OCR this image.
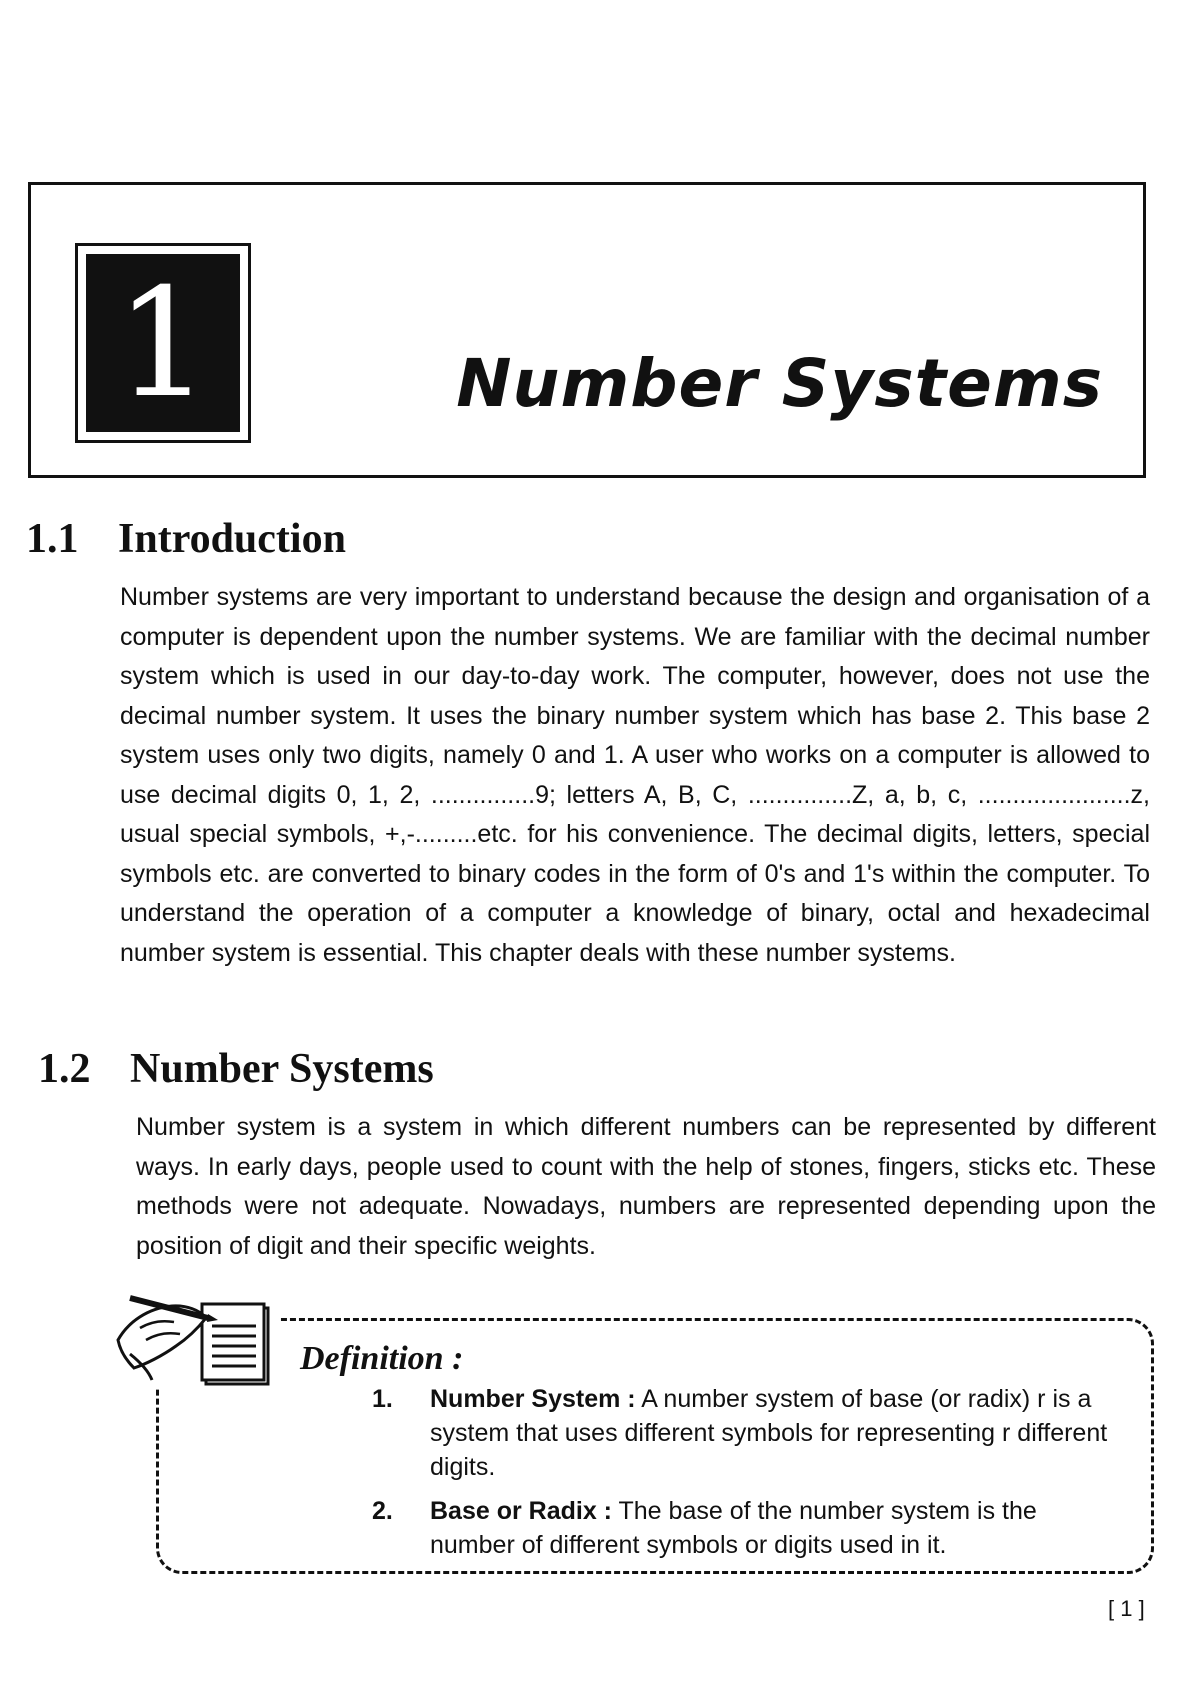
1	Number Systems
1.1 Introduction
Number systems are very important to understand because the design and organisation of a computer is dependent upon the number systems. We are familiar with the decimal number system which is used in our day-to-day work. The computer, however, does not use the decimal number system. It uses the binary number system which has base 2. This base 2 system uses only two digits, namely 0 and 1. A user who works on a computer is allowed to use decimal digits 0, 1, 2, ...............9; letters A, B, C, ...............Z, a, b, c, ......................z, usual special symbols, +,-.........etc. for his convenience. The decimal digits, letters, special symbols etc. are converted to binary codes in the form of 0's and 1's within the computer. To understand the operation of a computer a knowledge of binary, octal and hexadecimal number system is essential. This chapter deals with these number systems.
1.2 Number Systems
Number system is a system in which different numbers can be represented by different ways. In early days, people used to count with the help of stones, fingers, sticks etc. These methods were not adequate. Nowadays, numbers are represented depending upon the position of digit and their specific weights.
Definition :
1. Number System : A number system of base (or radix) r is a system that uses different symbols for representing r different digits.
2. Base or Radix : The base of the number system is the number of different symbols or digits used in it.
[ 1 ]
